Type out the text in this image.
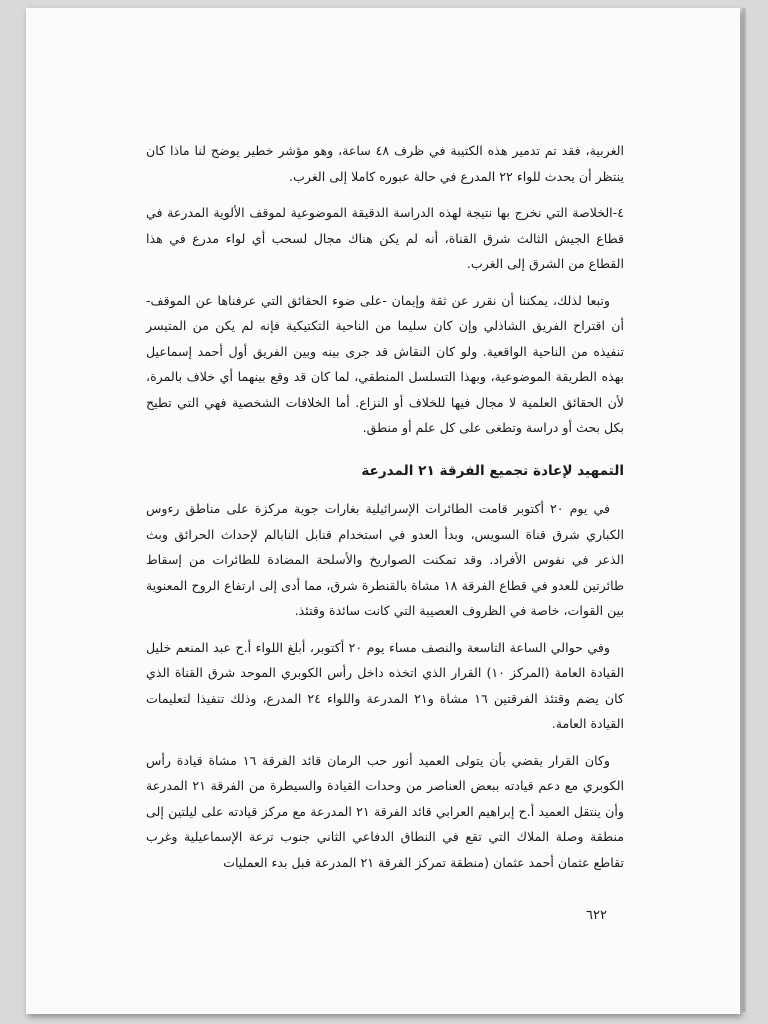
الغربية، فقد تم تدمير هذه الكتيبة في ظرف ٤٨ ساعة، وهو مؤشر خطير يوضح لنا ماذا كان ينتظر أن يحدث للواء ٢٢ المدرع في حالة عبوره كاملا إلى الغرب.

٤-الخلاصة التي نخرج بها نتيجة لهذه الدراسة الدقيقة الموضوعية لموقف الألوية المدرعة في قطاع الجيش الثالث شرق القناة، أنه لم يكن هناك مجال لسحب أي لواء مدرع في هذا القطاع من الشرق إلى الغرب.

وتبعا لذلك، يمكننا أن نقرر عن ثقة وإيمان -على ضوء الحقائق التي عرفناها عن الموقف- أن اقتراح الفريق الشاذلي وإن كان سليما من الناحية التكتيكية فإنه لم يكن من المتيسر تنفيذه من الناحية الواقعية. ولو كان النقاش قد جرى بينه وبين الفريق أول أحمد إسماعيل بهذه الطريقة الموضوعية، وبهذا التسلسل المنطقي، لما كان قد وقع بينهما أي خلاف بالمرة، لأن الحقائق العلمية لا مجال فيها للخلاف أو النزاع. أما الخلافات الشخصية فهي التي تطيح بكل بحث أو دراسة وتطغى على كل علم أو منطق.

التمهيد لإعادة تجميع الفرقة ٢١ المدرعة

في يوم ٢٠ أكتوبر قامت الطائرات الإسرائيلية بغارات جوية مركزة على مناطق رءوس الكباري شرق قناة السويس، وبدأ العدو في استخدام قنابل النابالم لإحداث الحرائق وبث الذعر في نفوس الأفراد. وقد تمكنت الصواريخ والأسلحة المضادة للطائرات من إسقاط طائرتين للعدو في قطاع الفرقة ١٨ مشاة بالقنطرة شرق، مما أدى إلى ارتفاع الروح المعنوية بين القوات، خاصة في الظروف العصيبة التي كانت سائدة وقتئذ.

وفي حوالي الساعة التاسعة والنصف مساء يوم ٢٠ أكتوبر، أبلغ اللواء أ.ح عبد المنعم خليل القيادة العامة (المركز ١٠) القرار الذي اتخذه داخل رأس الكوبري الموحد شرق القناة الذي كان يضم وقتئذ الفرقتين ١٦ مشاة و٢١ المدرعة واللواء ٢٤ المدرع، وذلك تنفيذا لتعليمات القيادة العامة.

وكان القرار يقضي بأن يتولى العميد أنور حب الرمان قائد الفرقة ١٦ مشاة قيادة رأس الكوبري مع دعم قيادته ببعض العناصر من وحدات القيادة والسيطرة من الفرقة ٢١ المدرعة وأن ينتقل العميد أ.ح إبراهيم العرابي قائد الفرقة ٢١ المدرعة مع مركز قيادته على ليلتين إلى منطقة وصلة الملاك التي تقع في النطاق الدفاعي الثاني جنوب ترعة الإسماعيلية وغرب تقاطع عثمان أحمد عثمان (منطقة تمركز الفرقة ٢١ المدرعة قبل بدء العمليات

٦٢٢
